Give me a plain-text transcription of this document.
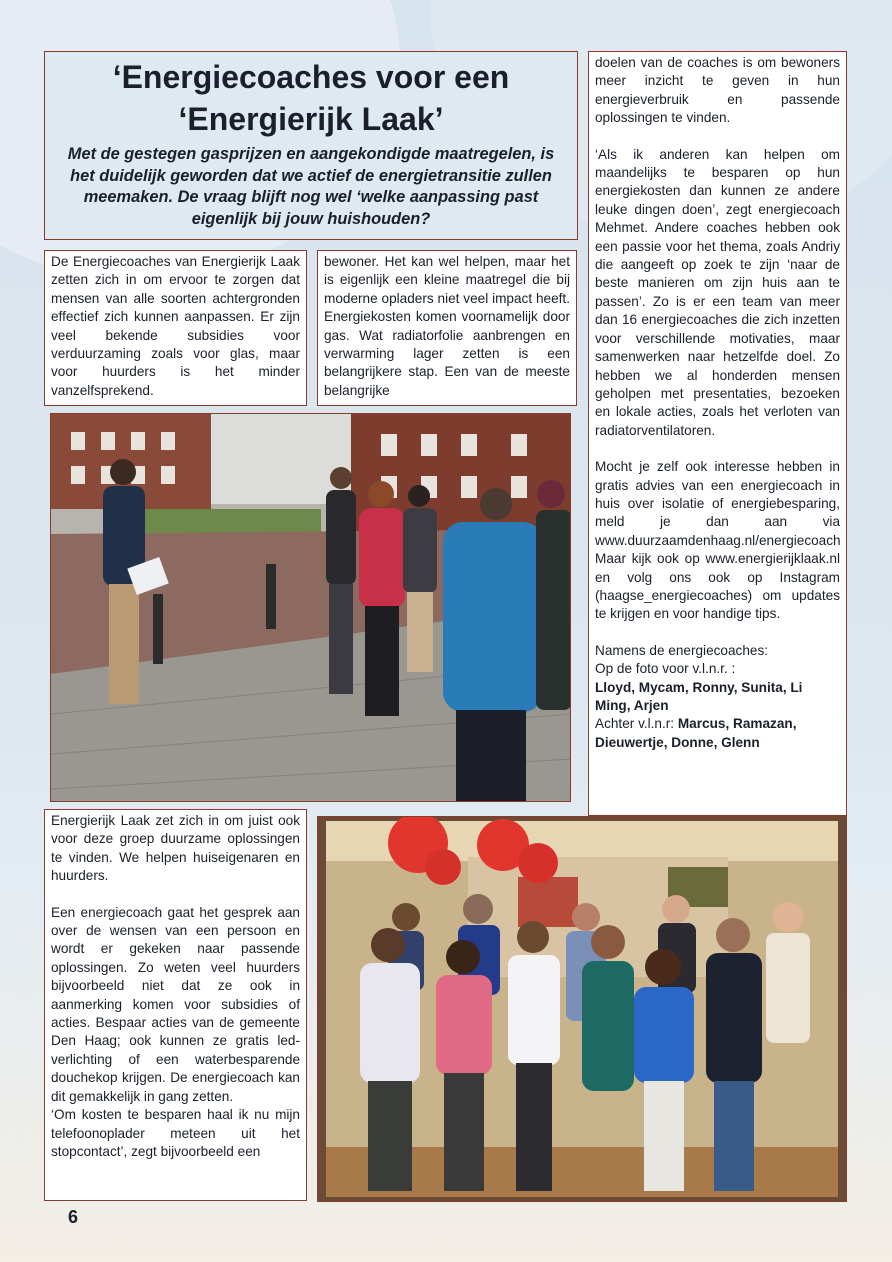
‘Energiecoaches voor een
‘Energierijk Laak’
Met de gestegen gasprijzen en aangekondigde maatregelen, is het duidelijk geworden dat we actief de energietransitie zullen meemaken. De vraag blijft nog wel ‘welke aanpassing past eigenlijk bij jouw huishouden?

De Energiecoaches van Energierijk Laak zetten zich in om ervoor te zorgen dat mensen van alle soorten achtergronden effectief zich kunnen aanpassen. Er zijn veel bekende subsidies voor verduurzaming zoals voor glas, maar voor huurders is het minder vanzelfsprekend.

bewoner. Het kan wel helpen, maar het is eigenlijk een kleine maatregel die bij moderne opladers niet veel impact heeft. Energiekosten komen voornamelijk door gas. Wat radiatorfolie aanbrengen en verwarming lager zetten is een belangrijkere stap. Een van de meeste belangrijke

Energierijk Laak zet zich in om juist ook voor deze groep duurzame oplossingen te vinden. We helpen huiseigenaren en huurders.

Een energiecoach gaat het gesprek aan over de wensen van een persoon en wordt er gekeken naar passende oplossingen. Zo weten veel huurders bijvoorbeeld niet dat ze ook in aanmerking komen voor subsidies of acties. Bespaar acties van de gemeente Den Haag; ook kunnen ze gratis led-verlichting of een waterbesparende douchekop krijgen. De energiecoach kan dit gemakkelijk in gang zetten.

‘Om kosten te besparen haal ik nu mijn telefoonoplader meteen uit het stopcontact’, zegt bijvoorbeeld een

doelen van de coaches is om bewoners meer inzicht te geven in hun energieverbruik en passende oplossingen te vinden.

‘Als ik anderen kan helpen om maandelijks te besparen op hun energiekosten dan kunnen ze andere leuke dingen doen’, zegt energiecoach Mehmet. Andere coaches hebben ook een passie voor het thema, zoals Andriy die aangeeft op zoek te zijn ‘naar de beste manieren om zijn huis aan te passen’. Zo is er een team van meer dan 16 energiecoaches die zich inzetten voor verschillende motivaties, maar samenwerken naar hetzelfde doel. Zo hebben we al honderden mensen geholpen met presentaties, bezoeken en lokale acties, zoals het verloten van radiatorventilatoren.

Mocht je zelf ook interesse hebben in gratis advies van een energiecoach in huis over isolatie of energiebesparing, meld je dan aan via www.duurzaamdenhaag.nl/energiecoach Maar kijk ook op www.energierijklaak.nl en volg ons ook op Instagram (haagse_energiecoaches) om updates te krijgen en voor handige tips.

Namens de energiecoaches:
Op de foto voor v.l.n.r. :
Lloyd, Mycam, Ronny, Sunita, Li Ming, Arjen
Achter v.l.n.r: Marcus, Ramazan, Dieuwertje, Donne, Glenn

6
